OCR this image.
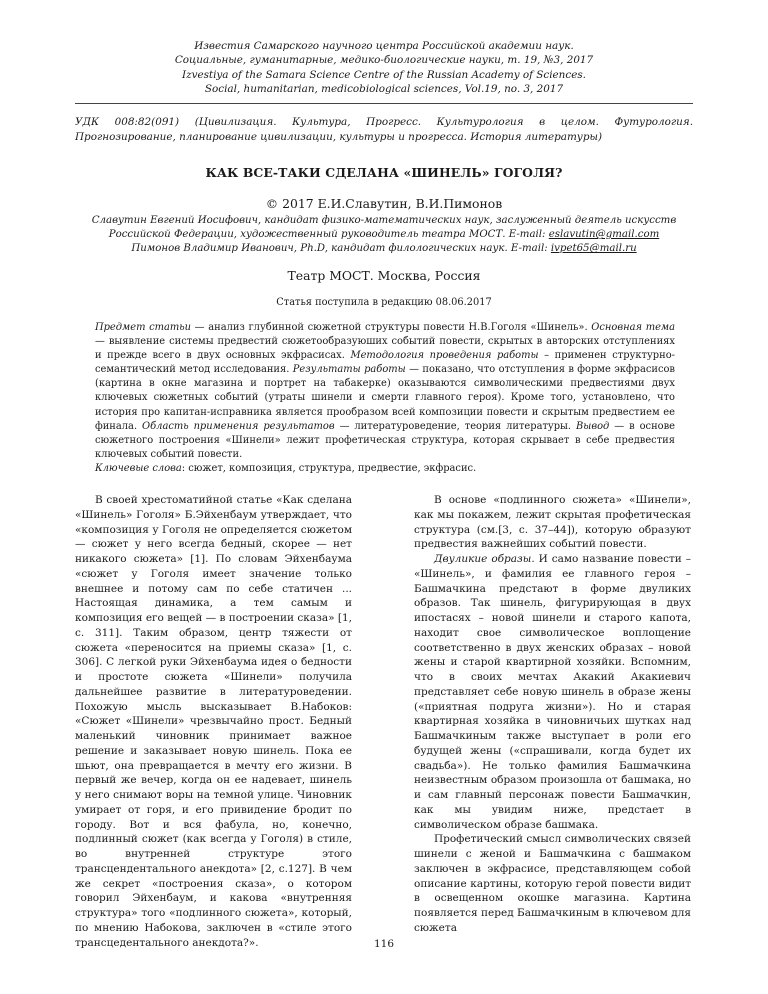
Известия Самарского научного центра Российской академии наук.
Социальные, гуманитарные, медико-биологические науки, т. 19, №3, 2017
Izvestiya of the Samara Science Centre of the Russian Academy of Sciences.
Social, humanitarian, medicobiological sciences, Vol.19, no. 3, 2017
УДК 008:82(091) (Цивилизация. Культура, Прогресс. Культурология в целом. Футурология. Прогнозирование, планирование цивилизации, культуры и прогресса. История литературы)
КАК ВСЕ-ТАКИ СДЕЛАНА «ШИНЕЛЬ» ГОГОЛЯ?
© 2017 Е.И.Славутин, В.И.Пимонов
Славутин Евгений Иосифович, кандидат физико-математических наук, заслуженный деятель искусств Российской Федерации, художественный руководитель театра МОСТ. E-mail: eslavutin@gmail.com
Пимонов Владимир Иванович, Ph.D, кандидат филологических наук. E-mail: ivpet65@mail.ru
Театр МОСТ. Москва, Россия
Статья поступила в редакцию 08.06.2017

Предмет статьи — анализ глубинной сюжетной структуры повести Н.В.Гоголя «Шинель». Основная тема — выявление системы предвестий сюжетообразуюших событий повести, скрытых в авторских отступлениях и прежде всего в двух основных экфрасисах. Методология проведения работы – применен структурно-семантический метод исследования. Результаты работы — показано, что отступления в форме экфрасисов (картина в окне магазина и портрет на табакерке) оказываются символическими предвестиями двух ключевых сюжетных событий (утраты шинели и смерти главного героя). Кроме того, установлено, что история про капитан-исправника является прообразом всей композиции повести и скрытым предвестием ее финала. Область применения результатов — литературоведение, теория литературы. Вывод — в основе сюжетного построения «Шинели» лежит профетическая структура, которая скрывает в себе предвестия ключевых событий повести.

Ключевые слова: сюжет, композиция, структура, предвестие, экфрасис.

В своей хрестоматийной статье «Как сделана «Шинель» Гоголя» Б.Эйхенбаум утверждает, что «композиция у Гоголя не определяется сюжетом — сюжет у него всегда бедный, скорее — нет никакого сюжета» [1]. По словам Эйхенбаума «сюжет у Гоголя имеет значение только внешнее и потому сам по себе статичен ... Настоящая динамика, а тем самым и композиция его вещей — в построении сказа» [1, с. 311]. Таким образом, центр тяжести от сюжета «переносится на приемы сказа» [1, с. 306]. С легкой руки Эйхенбаума идея о бедности и простоте сюжета «Шинели» получила дальнейшее развитие в литературоведении. Похожую мысль высказывает В.Набоков: «Сюжет «Шинели» чрезвычайно прост. Бедный маленький чиновник принимает важное решение и заказывает новую шинель. Пока ее шьют, она превращается в мечту его жизни. В первый же вечер, когда он ее надевает, шинель у него снимают воры на темной улице. Чиновник умирает от горя, и его привидение бродит по городу. Вот и вся фабула, но, конечно, подлинный сюжет (как всегда у Гоголя) в стиле, во внутренней структуре этого трансцендентального анекдота» [2, с.127]. В чем же секрет «построения сказа», о котором говорил Эйхенбаум, и какова «внутренняя структура» того «подлинного сюжета», который, по мнению Набокова, заключен в «стиле этого трансцедентального анекдота?».

В основе «подлинного сюжета» «Шинели», как мы покажем, лежит скрытая профетическая структура (см.[3, с. 37–44]), которую образуют предвестия важнейших событий повести.

Двуликие образы. И само название повести – «Шинель», и фамилия ее главного героя – Башмачкина предстают в форме двуликих образов. Так шинель, фигурирующая в двух ипостасях – новой шинели и старого капота, находит свое символическое воплощение соответственно в двух женских образах – новой жены и старой квартирной хозяйки. Вспомним, что в своих мечтах Акакий Акакиевич представляет себе новую шинель в образе жены («приятная подруга жизни»). Но и старая квартирная хозяйка в чиновничьих шутках над Башмачкиным также выступает в роли его будущей жены («спрашивали, когда будет их свадьба»). Не только фамилия Башмачкина неизвестным образом произошла от башмака, но и сам главный персонаж повести Башмачкин, как мы увидим ниже, предстает в символическом образе башмака.

Профетический смысл символических связей шинели с женой и Башмачкина с башмаком заключен в экфрасисе, представляющем собой описание картины, которую герой повести видит в освещенном окошке магазина. Картина появляется перед Башмачкиным в ключевом для сюжета

116
